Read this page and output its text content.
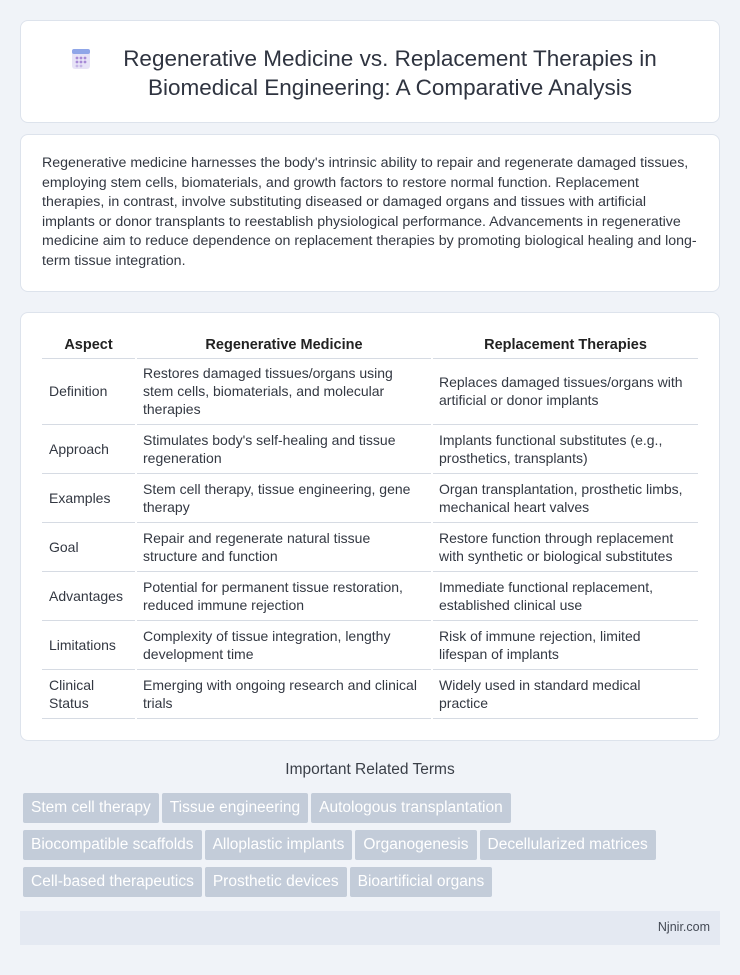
Regenerative Medicine vs. Replacement Therapies in Biomedical Engineering: A Comparative Analysis

Regenerative medicine harnesses the body's intrinsic ability to repair and regenerate damaged tissues, employing stem cells, biomaterials, and growth factors to restore normal function. Replacement therapies, in contrast, involve substituting diseased or damaged organs and tissues with artificial implants or donor transplants to reestablish physiological performance. Advancements in regenerative medicine aim to reduce dependence on replacement therapies by promoting biological healing and long-term tissue integration.

Aspect	Regenerative Medicine	Replacement Therapies
Definition	Restores damaged tissues/organs using stem cells, biomaterials, and molecular therapies	Replaces damaged tissues/organs with artificial or donor implants
Approach	Stimulates body's self-healing and tissue regeneration	Implants functional substitutes (e.g., prosthetics, transplants)
Examples	Stem cell therapy, tissue engineering, gene therapy	Organ transplantation, prosthetic limbs, mechanical heart valves
Goal	Repair and regenerate natural tissue structure and function	Restore function through replacement with synthetic or biological substitutes
Advantages	Potential for permanent tissue restoration, reduced immune rejection	Immediate functional replacement, established clinical use
Limitations	Complexity of tissue integration, lengthy development time	Risk of immune rejection, limited lifespan of implants
Clinical Status	Emerging with ongoing research and clinical trials	Widely used in standard medical practice
Important Related Terms
Stem cell therapy Tissue engineering Autologous transplantation
Biocompatible scaffolds Alloplastic implants Organogenesis Decellularized matrices
Cell-based therapeutics Prosthetic devices Bioartificial organs
Njnir.com
